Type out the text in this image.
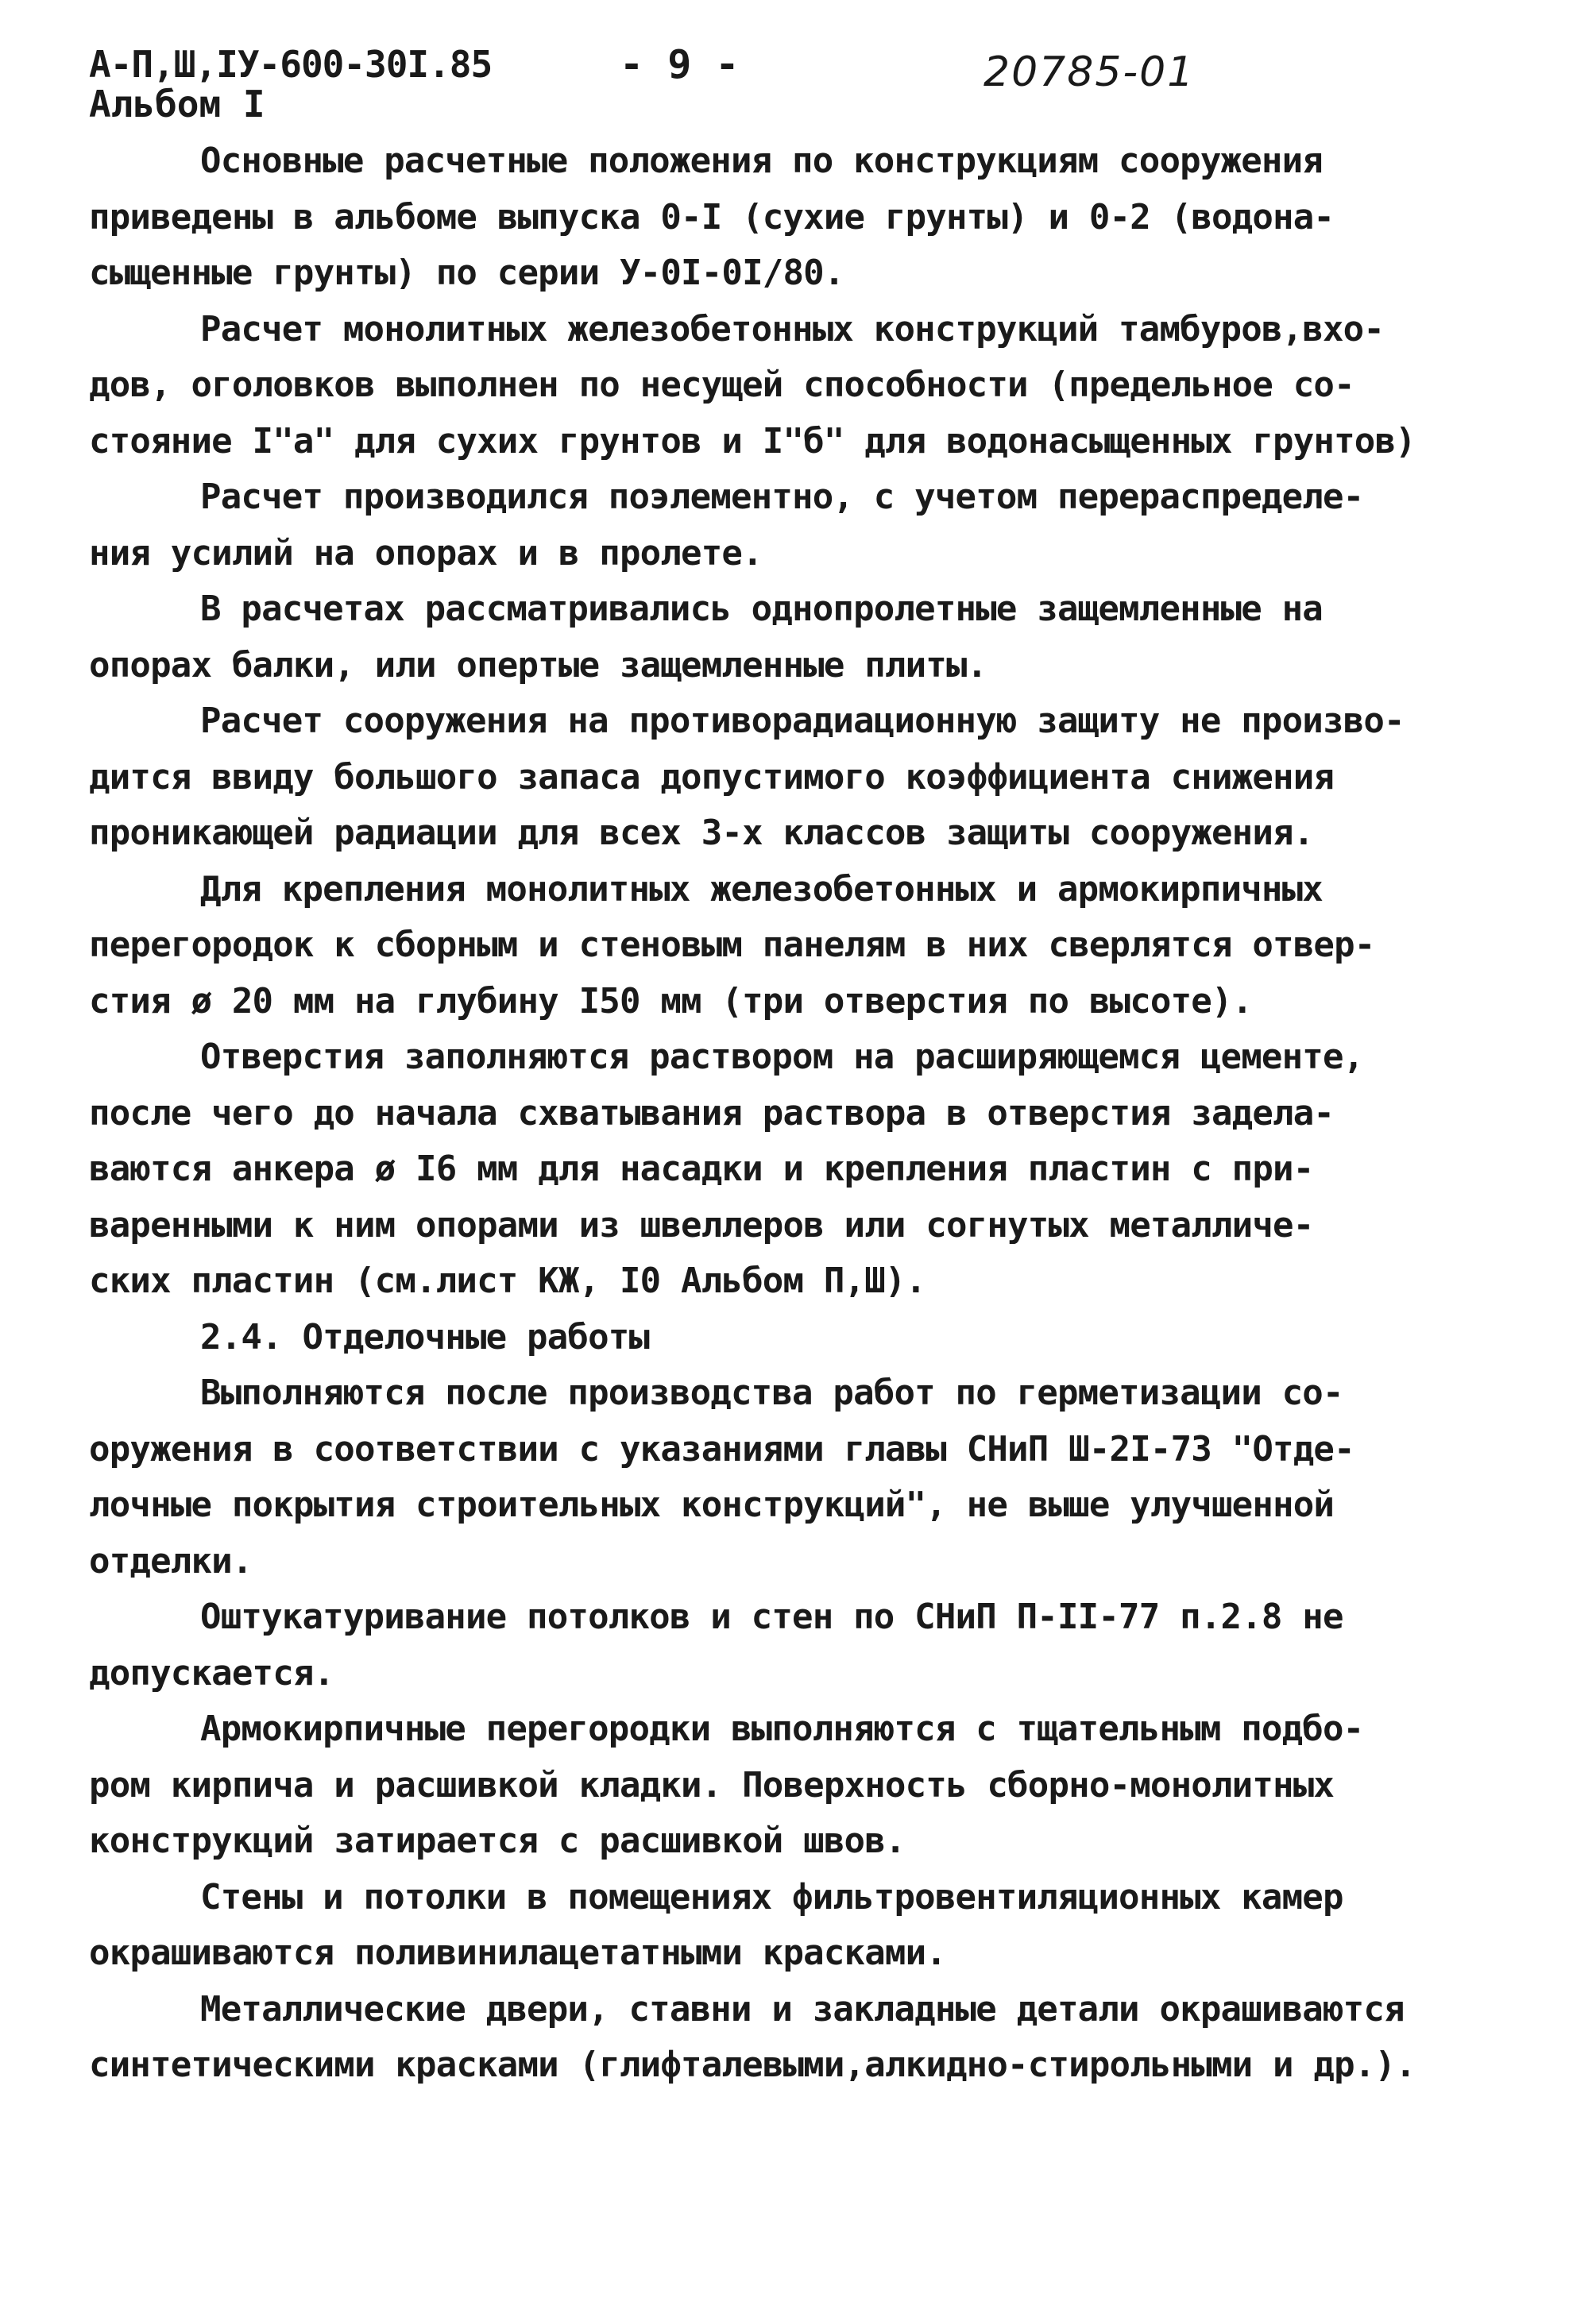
А-П,Ш,IУ-600-30I.85	- 9 -	20785-01
Альбом I
Основные расчетные положения по конструкциям сооружения
приведены в альбоме выпуска 0-I (сухие грунты) и 0-2 (водона-
сыщенные грунты) по серии У-0I-0I/80.
Расчет монолитных железобетонных конструкций тамбуров,вхо-
дов, оголовков выполнен по несущей способности (предельное со-
стояние I"а" для сухих грунтов и I"б" для водонасыщенных грунтов)
Расчет производился поэлементно, с учетом перераспределе-
ния усилий на опорах и в пролете.
В расчетах рассматривались однопролетные защемленные на
опорах балки, или опертые защемленные плиты.
Расчет сооружения на противорадиационную защиту не произво-
дится ввиду большого запаса допустимого коэффициента снижения
проникающей радиации для всех 3-х классов защиты сооружения.
Для крепления монолитных железобетонных и армокирпичных
перегородок к сборным и стеновым панелям в них сверлятся отвер-
стия ø 20 мм на глубину I50 мм (три отверстия по высоте).
Отверстия заполняются раствором на расширяющемся цементе,
после чего до начала схватывания раствора в отверстия задела-
ваются анкера ø I6 мм для насадки и крепления пластин с при-
варенными к ним опорами из швеллеров или согнутых металличе-
ских пластин (см.лист КЖ, I0 Альбом П,Ш).
2.4. Отделочные работы
Выполняются после производства работ по герметизации со-
оружения в соответствии с указаниями главы СНиП Ш-2I-73 "Отде-
лочные покрытия строительных конструкций", не выше улучшенной
отделки.
Оштукатуривание потолков и стен по СНиП П-II-77 п.2.8 не
допускается.
Армокирпичные перегородки выполняются с тщательным подбо-
ром кирпича и расшивкой кладки. Поверхность сборно-монолитных
конструкций затирается с расшивкой швов.
Стены и потолки в помещениях фильтровентиляционных камер
окрашиваются поливинилацетатными красками.
Металлические двери, ставни и закладные детали окрашиваются
синтетическими красками (глифталевыми,алкидно-стирольными и др.).
